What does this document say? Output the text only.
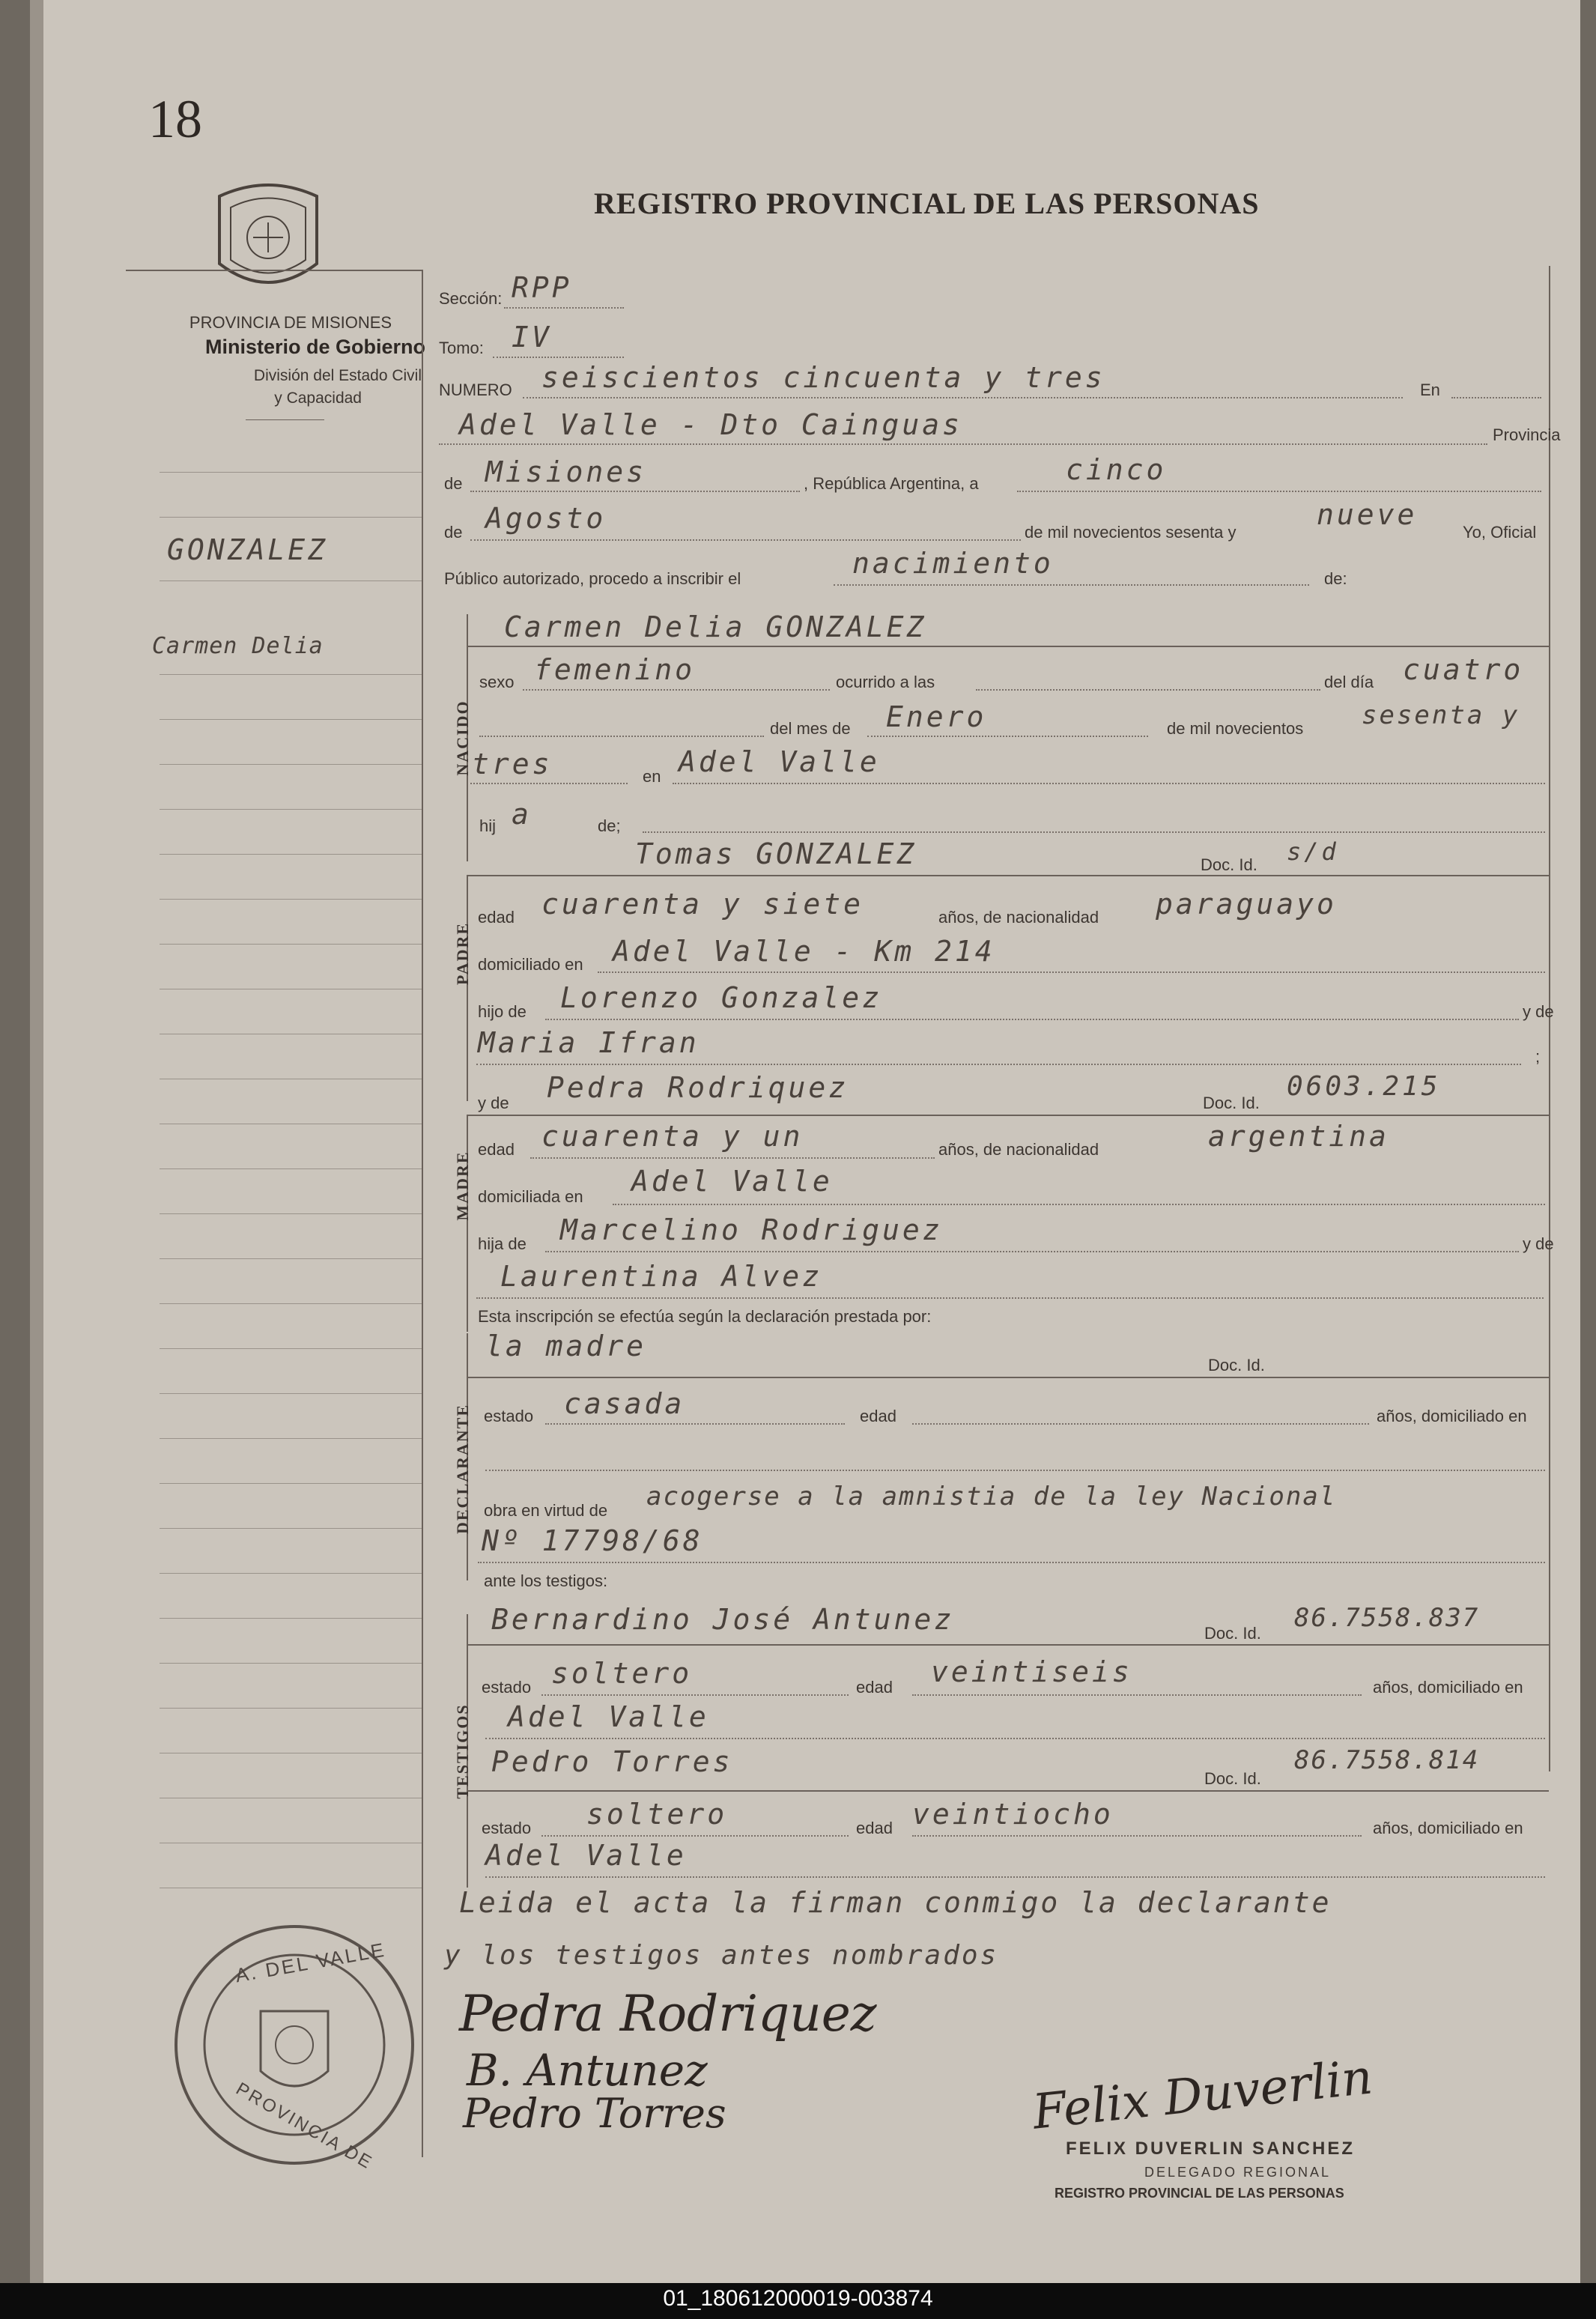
18
REGISTRO PROVINCIAL DE LAS PERSONAS
PROVINCIA DE MISIONES
Ministerio de Gobierno
División del Estado Civil
y Capacidad
GONZALEZ
Carmen Delia
Sección: RPP
Tomo: IV
NUMERO seiscientos cincuenta y tres	En
Adel Valle - Dto Cainguas	Provincia
de Misiones	, República Argentina, a	cinco
de Agosto	de mil novecientos sesenta y
nueve
Yo, Oficial
Público autorizado, procedo a inscribir el	nacimiento	de:
NACIDO
Carmen Delia GONZALEZ
sexo femenino	ocurrido a las	del día cuatro
del mes de Enero	de mil novecientos sesenta y
tres	en Adel Valle
hij a	de;
PADRE
Tomas GONZALEZ	Doc. Id. s/d
edad cuarenta y siete	años, de nacionalidad paraguayo
domiciliado en Adel Valle - Km 214
hijo de Lorenzo Gonzalez	y de
Maria Ifran	;
y de Pedra Rodriquez	Doc. Id.
0603.215
MADRE
edad cuarenta y un	años, de nacionalidad	argentina
domiciliada en Adel Valle
hija de Marcelino Rodriguez	y de
Laurentina Alvez
Esta inscripción se efectúa según la declaración prestada por:
DECLARANTE
la madre
Doc. Id.
estado casada	edad	años, domiciliado en
obra en virtud de acogerse a la amnistia de la ley Nacional
Nº 17798/68
ante los testigos:
TESTIGOS
Bernardino José Antunez	Doc. Id.
86.7558.837
estado soltero	edad veintiseis	años, domiciliado en
Adel Valle
Pedro Torres
Doc. Id.
86.7558.814
estado soltero	edad veintiocho	años, domiciliado en
Adel Valle
Leida el acta la firman conmigo la declarante
y los testigos antes nombrados
Pedra Rodriquez
B. Antunez
Pedro Torres	Felix Duverlin
A. DEL VALLE
PROVINCIA DE	FELIX DUVERLIN SANCHEZ
DELEGADO REGIONAL
REGISTRO PROVINCIAL DE LAS PERSONAS
01_180612000019-003874
